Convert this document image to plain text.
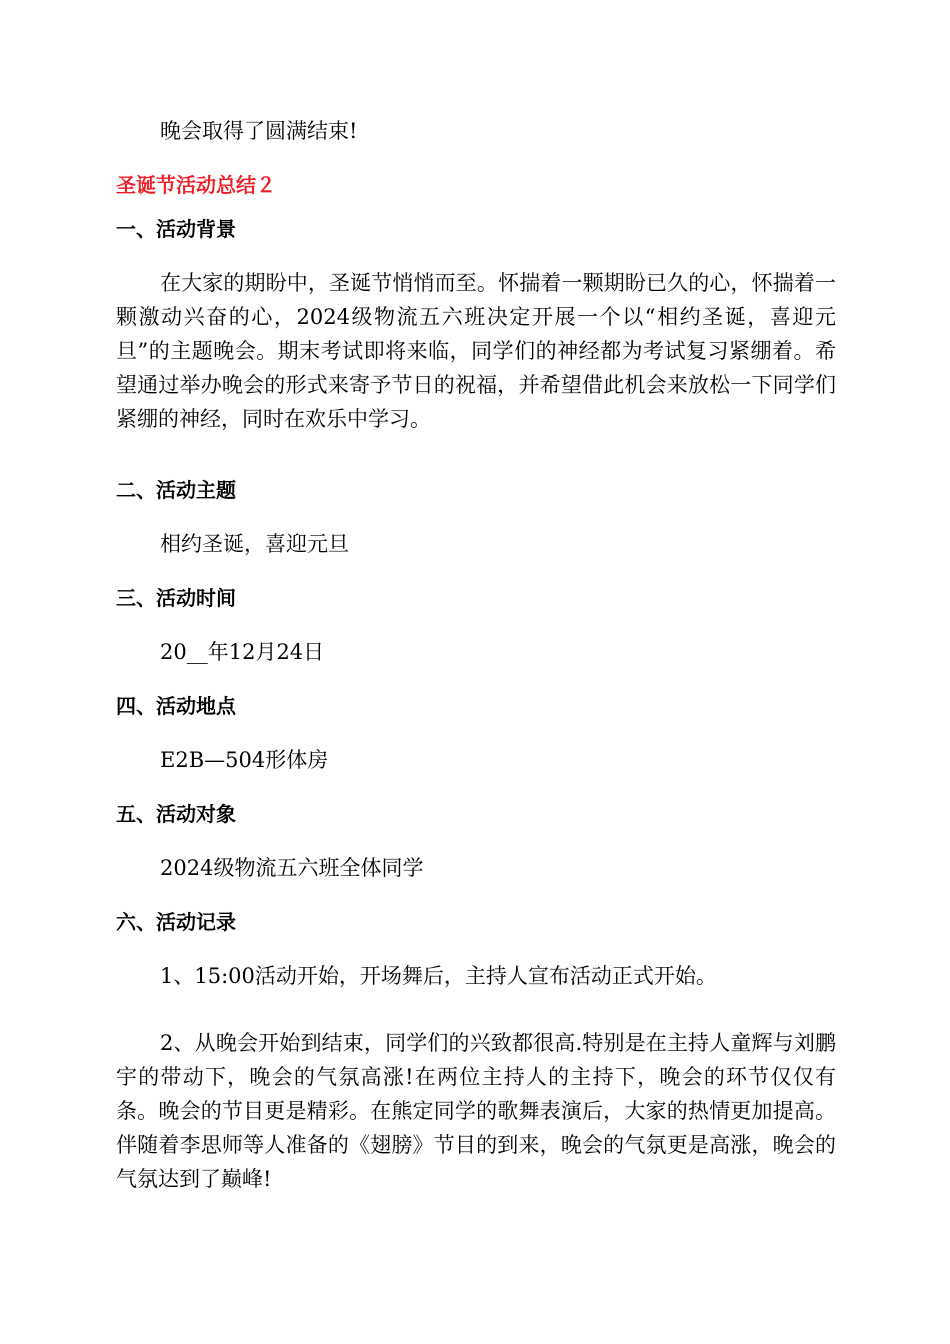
晚会取得了圆满结束!

圣诞节活动总结２

一、活动背景

在大家的期盼中，圣诞节悄悄而至。怀揣着一颗期盼已久的心，怀揣着一颗激动兴奋的心，2024级物流五六班决定开展一个以“相约圣诞，喜迎元旦”的主题晚会。期末考试即将来临，同学们的神经都为考试复习紧绷着。希望通过举办晚会的形式来寄予节日的祝福，并希望借此机会来放松一下同学们紧绷的神经，同时在欢乐中学习。

二、活动主题

相约圣诞，喜迎元旦

三、活动时间

20__年12月24日

四、活动地点

E2B—504形体房

五、活动对象

2024级物流五六班全体同学

六、活动记录

1、15:00活动开始，开场舞后，主持人宣布活动正式开始。

2、从晚会开始到结束，同学们的兴致都很高.特别是在主持人童辉与刘鹏宇的带动下，晚会的气氛高涨!在两位主持人的主持下，晚会的环节仅仅有条。晚会的节目更是精彩。在熊定同学的歌舞表演后，大家的热情更加提高。伴随着李思师等人准备的《翅膀》节目的到来，晚会的气氛更是高涨，晚会的气氛达到了巅峰!
